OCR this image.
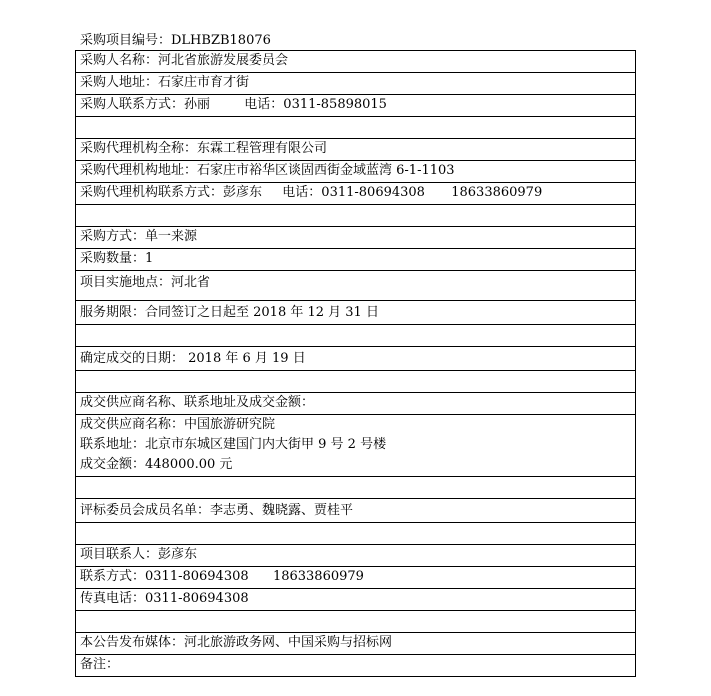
采购项目编号：DLHBZB18076
采购人名称：河北省旅游发展委员会
采购人地址：石家庄市育才街
采购人联系方式：孙丽	电话：0311-85898015
采购代理机构全称：东霖工程管理有限公司
采购代理机构地址：石家庄市裕华区谈固西街金域蓝湾 6-1-1103
采购代理机构联系方式：彭彦东 电话：0311-80694308 18633860979
采购方式：单一来源
采购数量：1
项目实施地点：河北省
服务期限：合同签订之日起至 2018 年 12 月 31 日
确定成交的日期： 2018 年 6 月 19 日
成交供应商名称、联系地址及成交金额：
成交供应商名称：中国旅游研究院
联系地址：北京市东城区建国门内大街甲 9 号 2 号楼
成交金额：448000.00 元
评标委员会成员名单：李志勇、魏晓露、贾桂平
项目联系人：彭彦东
联系方式：0311-80694308 18633860979
传真电话：0311-80694308
本公告发布媒体：河北旅游政务网、中国采购与招标网
备注：
